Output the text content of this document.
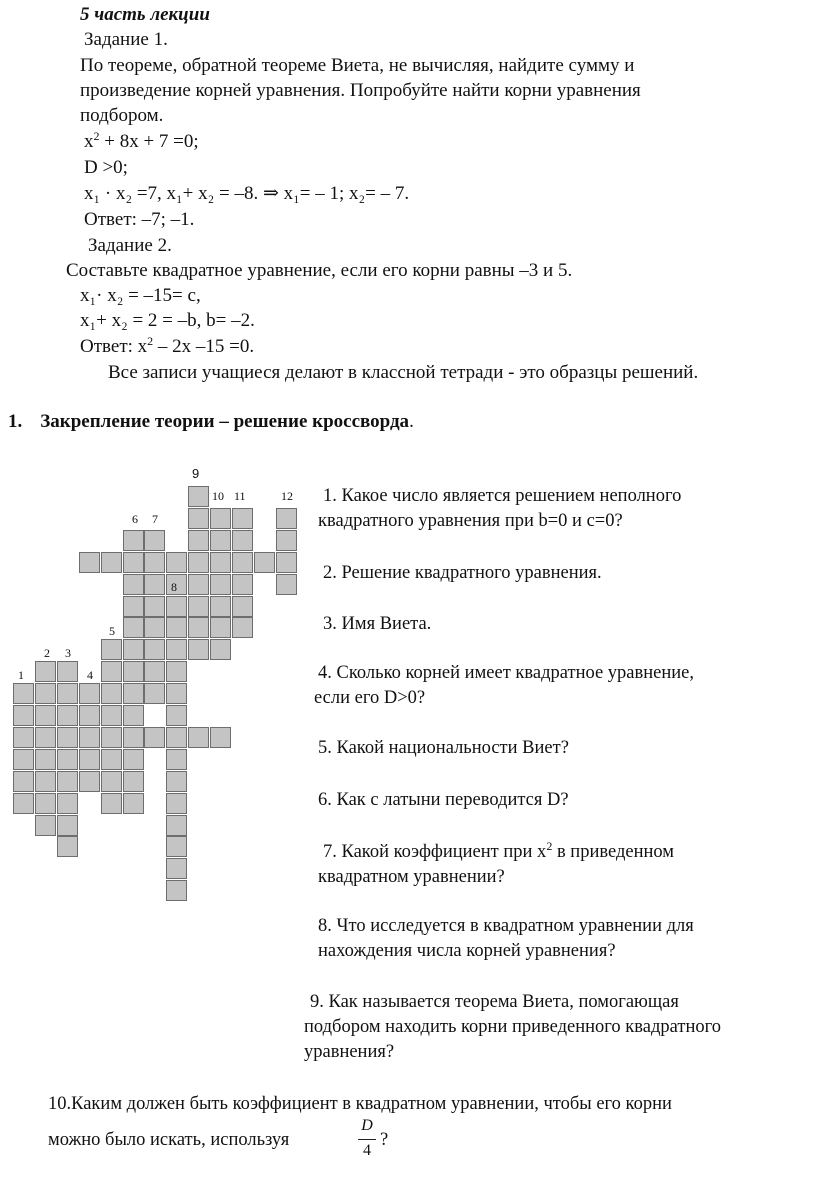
5 часть лекции
Задание 1.
По теореме, обратной теореме Виета, не вычисляя, найдите сумму и
произведение корней уравнения. Попробуйте найти корни уравнения
подбором.
$x^2 + 8x + 7 =0$;
D >0;
x₁ · x₂ =7, x₁+ x₂ = –8. ⇒ x₁= – 1; x₂= – 7.
Ответ: –7; –1.
Задание 2.
Составьте квадратное уравнение, если его корни равны –3 и 5.
x₁· x₂ = –15= c,
x₁+ x₂ = 2 = –b, b= –2.
Ответ: $x^2 - 2x$ –15 =0.
Все записи учащиеся делают в классной тетради - это образцы решений.
1. Закрепление теории – решение кроссворда.
9
10 11	12
6 7
8
5
2 3
1	4
1. Какое число является решением неполного
квадратного уравнения при b=0 и c=0?
2. Решение квадратного уравнения.
3. Имя Виета.
4. Сколько корней имеет квадратное уравнение,
если его D>0?
5. Какой национальности Виет?
6. Как с латыни переводится D?
7. Какой коэффициент при $x^2$ в приведенном
квадратном уравнении?
8. Что исследуется в квадратном уравнении для
нахождения числа корней уравнения?
9. Как называется теорема Виета, помогающая
подбором находить корни приведенного квадратного
уравнения?
10.Каким должен быть коэффициент в квадратном уравнении, чтобы его корни
можно было искать, используя
D
4
?
